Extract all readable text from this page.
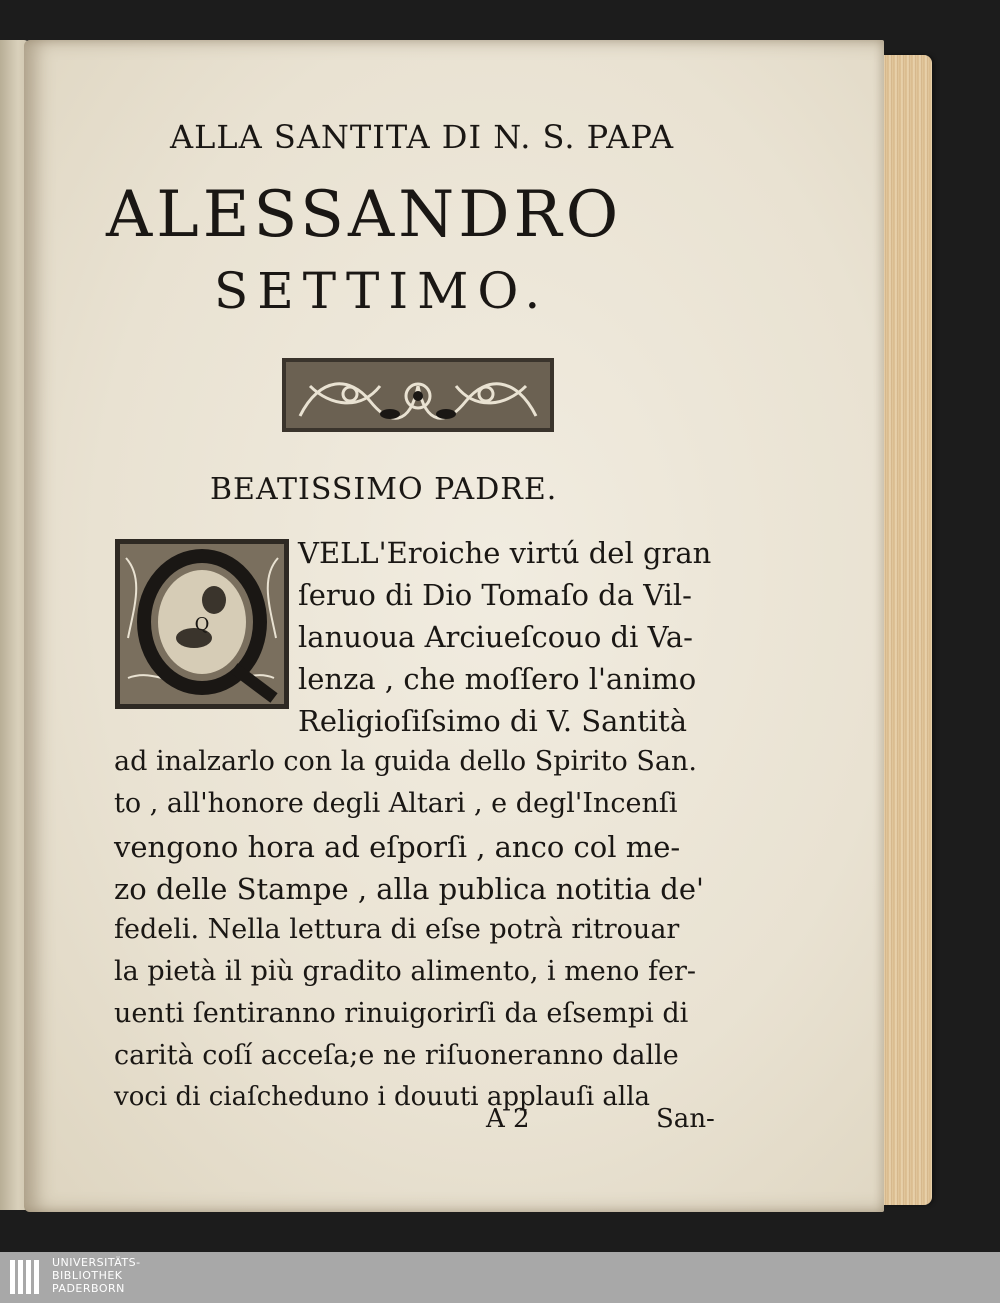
ALLA SANTITA DI N. S. PAPA
ALESSANDRO
SETTIMO.
BEATISSIMO PADRE.
Q
VELL'Eroiche virtú del gran
ſeruo di Dio Tomaſo da Vil-
lanuoua Arciueſcouo di Va-
lenza , che moſſero l'animo
Religioſiſsimo di V. Santità
ad inalzarlo con la guida dello Spirito San.
to , all'honore degli Altari , e degl'Incenſi
vengono hora ad eſporſi , anco col me-
zo delle Stampe , alla publica notitia de'
fedeli. Nella lettura di eſse potrà ritrouar
la pietà il più gradito alimento, i meno fer-
uenti ſentiranno rinuigorirſi da eſsempi di
carità coſí acceſa;e ne riſuoneranno dalle
voci di ciaſcheduno i douuti applauſi alla
A 2	San-
UNIVERSITÄTS-
BIBLIOTHEK
PADERBORN
